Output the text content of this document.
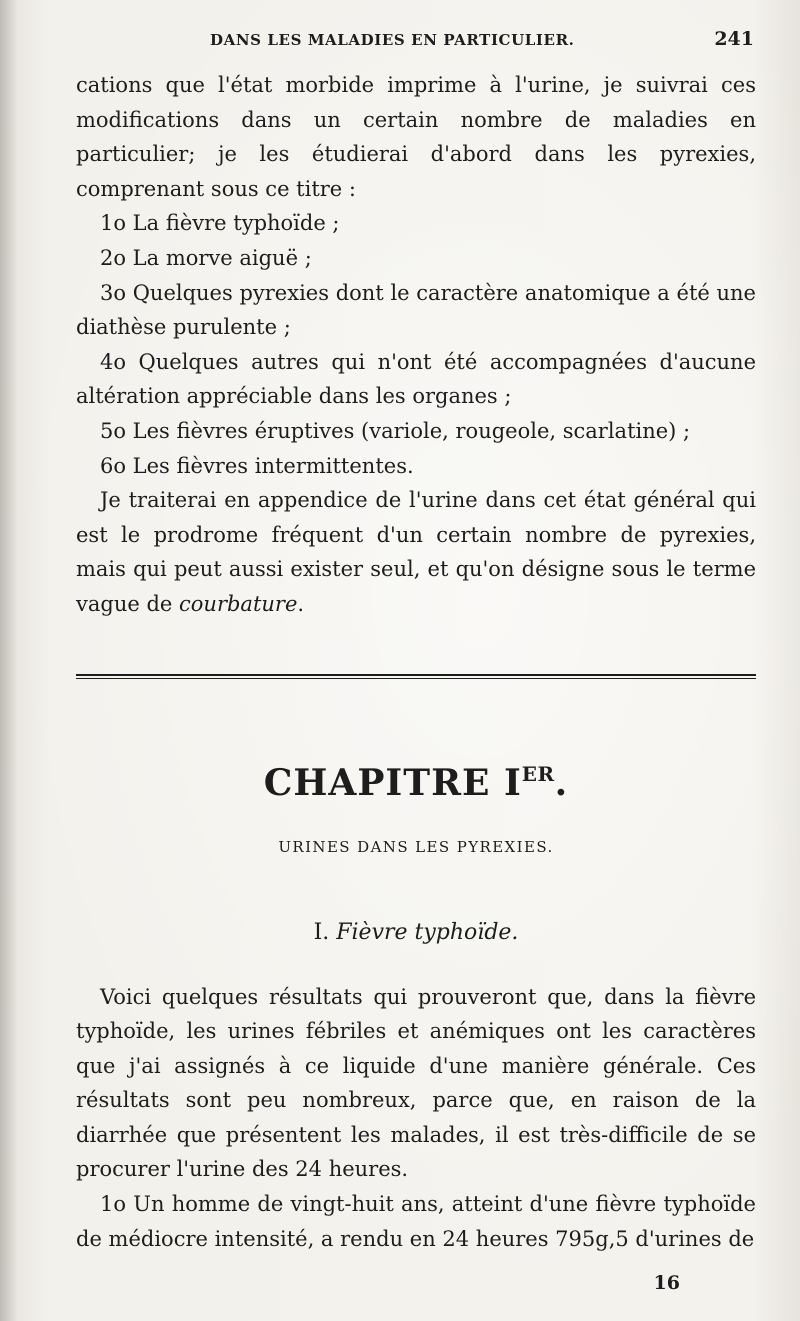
DANS LES MALADIES EN PARTICULIER.	241

cations que l'état morbide imprime à l'urine, je suivrai ces modifications dans un certain nombre de maladies en particulier; je les étudierai d'abord dans les pyrexies, comprenant sous ce titre :

1o La fièvre typhoïde ;

2o La morve aiguë ;

3o Quelques pyrexies dont le caractère anatomique a été une diathèse purulente ;

4o Quelques autres qui n'ont été accompagnées d'aucune altération appréciable dans les organes ;

5o Les fièvres éruptives (variole, rougeole, scarlatine) ;

6o Les fièvres intermittentes.

Je traiterai en appendice de l'urine dans cet état général qui est le prodrome fréquent d'un certain nombre de pyrexies, mais qui peut aussi exister seul, et qu'on désigne sous le terme vague de courbature.

CHAPITRE IER.
URINES DANS LES PYREXIES.
I. Fièvre typhoïde.

Voici quelques résultats qui prouveront que, dans la fièvre typhoïde, les urines fébriles et anémiques ont les caractères que j'ai assignés à ce liquide d'une manière générale. Ces résultats sont peu nombreux, parce que, en raison de la diarrhée que présentent les malades, il est très-difficile de se procurer l'urine des 24 heures.

1o Un homme de vingt-huit ans, atteint d'une fièvre typhoïde de médiocre intensité, a rendu en 24 heures 795g,5 d'urines de

16
